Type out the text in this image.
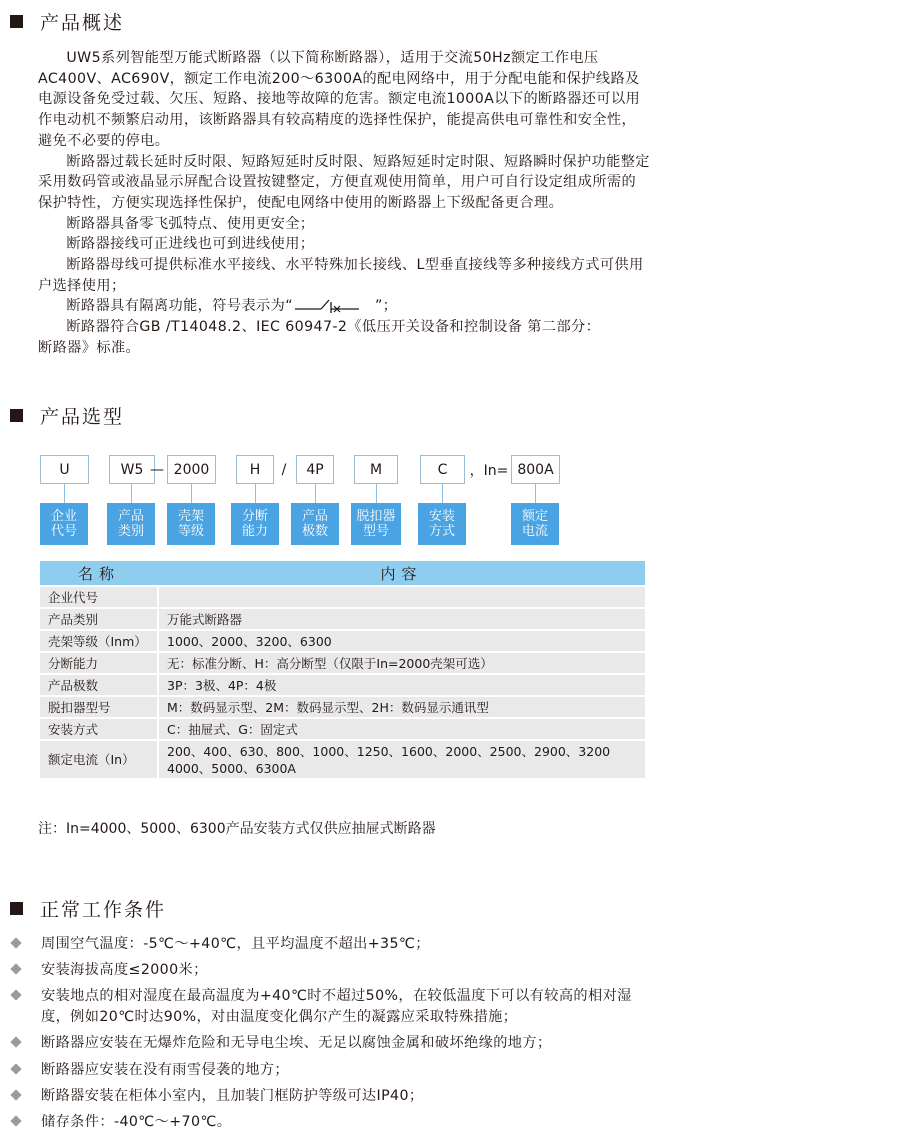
产品概述

UW5系列智能型万能式断路器（以下简称断路器），适用于交流50Hz额定工作电压AC400V、AC690V，额定工作电流200～6300A的配电网络中，用于分配电能和保护线路及电源设备免受过载、欠压、短路、接地等故障的危害。额定电流1000A以下的断路器还可以用作电动机不频繁启动用，该断路器具有较高精度的选择性保护，能提高供电可靠性和安全性，避免不必要的停电。

断路器过载长延时反时限、短路短延时反时限、短路短延时定时限、短路瞬时保护功能整定采用数码管或液晶显示屏配合设置按键整定，方便直观使用简单，用户可自行设定组成所需的保护特性，方便实现选择性保护，使配电网络中使用的断路器上下级配备更合理。

断路器具备零飞弧特点、使用更安全；

断路器接线可正进线也可到进线使用；

断路器母线可提供标准水平接线、水平特殊加长接线、L型垂直接线等多种接线方式可供用户选择使用；

断路器具有隔离功能，符号表示为“	”；

断路器符合GB /T14048.2、IEC 60947-2《低压开关设备和控制设备 第二部分：

断路器》标准。

产品选型
U	W5 — 2000	H	/	4P	M	C	，In= 800A
企业
代号
产品
类别
壳架
等级
分断
能力
产品
极数
脱扣器
型号
安装
方式
额定
电流
名称	内容
企业代号	
产品类别	万能式断路器
壳架等级（Inm）	1000、2000、3200、6300
分断能力	无：标准分断、H：高分断型（仅限于In=2000壳架可选）
产品极数	3P：3极、4P：4极
脱扣器型号	M：数码显示型、2M：数码显示型、2H：数码显示通讯型
安装方式	C：抽屉式、G：固定式
额定电流（In）	200、400、630、800、1000、1250、1600、2000、2500、2900、3200
4000、5000、6300A
注：In=4000、5000、6300产品安装方式仅供应抽屉式断路器
正常工作条件
周围空气温度：-5℃～+40℃，且平均温度不超出+35℃；
安装海拔高度≤2000米；
安装地点的相对湿度在最高温度为+40℃时不超过50%，在较低温度下可以有较高的相对湿度，例如20℃时达90%，对由温度变化偶尔产生的凝露应采取特殊措施；
断路器应安装在无爆炸危险和无导电尘埃、无足以腐蚀金属和破坏绝缘的地方；
断路器应安装在没有雨雪侵袭的地方；
断路器安装在柜体小室内，且加装门框防护等级可达IP40；
储存条件：-40℃～+70℃。
